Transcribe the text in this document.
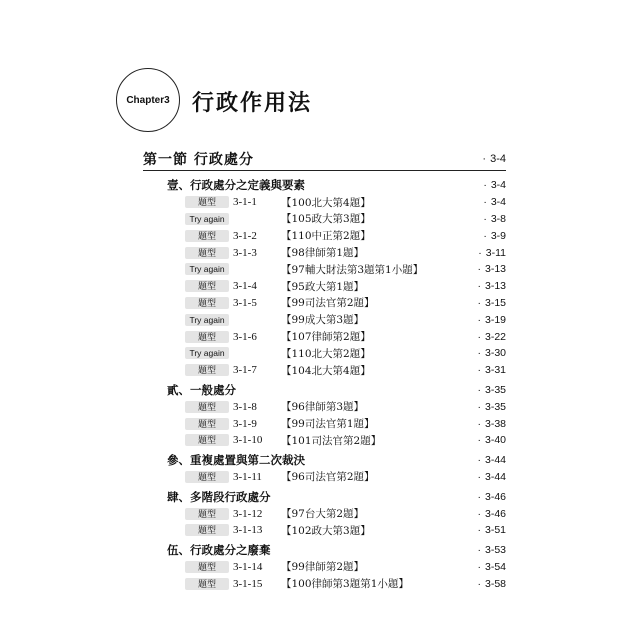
Chapter3	行政作用法
第一節 行政處分	· 3-4
壹、行政處分之定義與要素	· 3-4
題型	3-1-1	【100北大第4題】	· 3-4
Try again	【105政大第3題】	· 3-8
題型	3-1-2	【110中正第2題】	· 3-9
題型	3-1-3	【98律師第1題】	· 3-11
Try again	【97輔大財法第3題第1小題】	· 3-13
題型	3-1-4	【95政大第1題】	· 3-13
題型	3-1-5	【99司法官第2題】	· 3-15
Try again	【99成大第3題】	· 3-19
題型	3-1-6	【107律師第2題】	· 3-22
Try again	【110北大第2題】	· 3-30
題型	3-1-7	【104北大第4題】	· 3-31
貳、一般處分	· 3-35
題型	3-1-8	【96律師第3題】	· 3-35
題型	3-1-9	【99司法官第1題】	· 3-38
題型	3-1-10	【101司法官第2題】	· 3-40
參、重複處置與第二次裁決	· 3-44
題型	3-1-11	【96司法官第2題】	· 3-44
肆、多階段行政處分	· 3-46
題型	3-1-12	【97台大第2題】	· 3-46
題型	3-1-13	【102政大第3題】	· 3-51
伍、行政處分之廢棄	· 3-53
題型	3-1-14	【99律師第2題】	· 3-54
題型	3-1-15	【100律師第3題第1小題】	· 3-58
